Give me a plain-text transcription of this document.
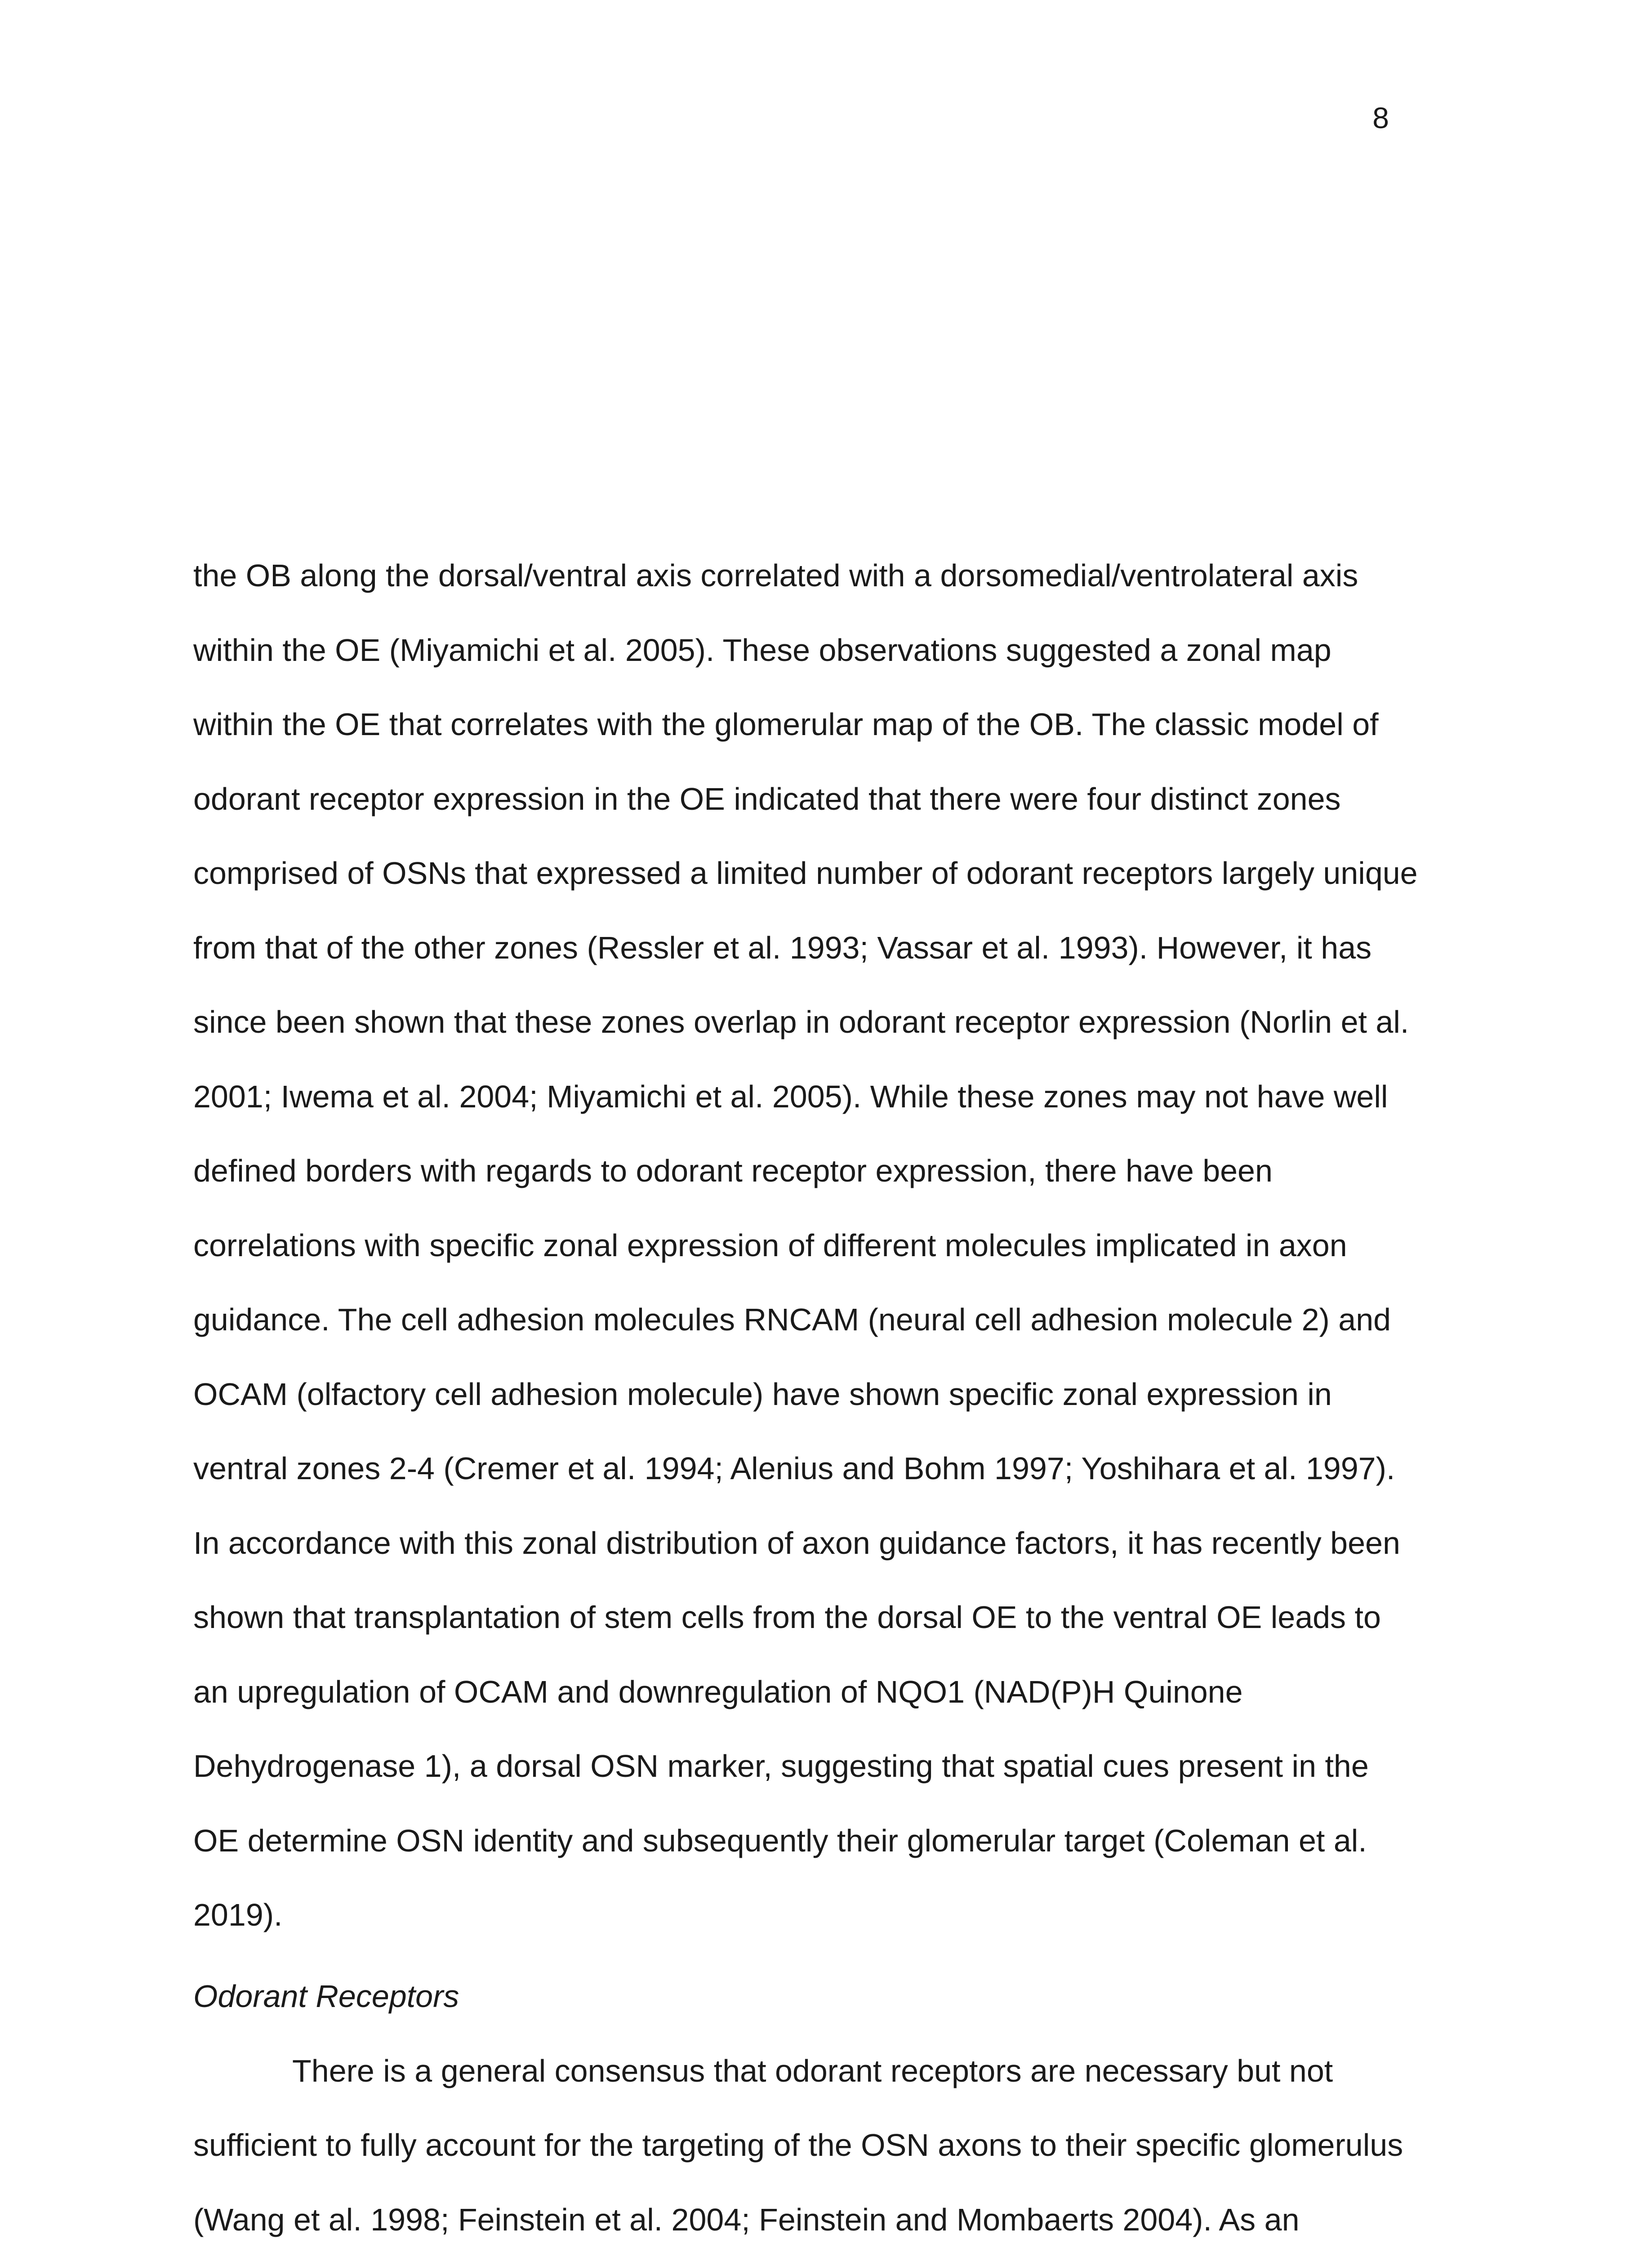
8
the OB along the dorsal/ventral axis correlated with a dorsomedial/ventrolateral axis
within the OE (Miyamichi et al. 2005). These observations suggested a zonal map
within the OE that correlates with the glomerular map of the OB. The classic model of
odorant receptor expression in the OE indicated that there were four distinct zones
comprised of OSNs that expressed a limited number of odorant receptors largely unique
from that of the other zones (Ressler et al. 1993; Vassar et al. 1993). However, it has
since been shown that these zones overlap in odorant receptor expression (Norlin et al.
2001; Iwema et al. 2004; Miyamichi et al. 2005). While these zones may not have well
defined borders with regards to odorant receptor expression, there have been
correlations with specific zonal expression of different molecules implicated in axon
guidance. The cell adhesion molecules RNCAM (neural cell adhesion molecule 2) and
OCAM (olfactory cell adhesion molecule) have shown specific zonal expression in
ventral zones 2-4 (Cremer et al. 1994; Alenius and Bohm 1997; Yoshihara et al. 1997).
In accordance with this zonal distribution of axon guidance factors, it has recently been
shown that transplantation of stem cells from the dorsal OE to the ventral OE leads to
an upregulation of OCAM and downregulation of NQO1 (NAD(P)H Quinone
Dehydrogenase 1), a dorsal OSN marker, suggesting that spatial cues present in the
OE determine OSN identity and subsequently their glomerular target (Coleman et al.
2019).
Odorant Receptors
There is a general consensus that odorant receptors are necessary but not
sufficient to fully account for the targeting of the OSN axons to their specific glomerulus
(Wang et al. 1998; Feinstein et al. 2004; Feinstein and Mombaerts 2004). As an
